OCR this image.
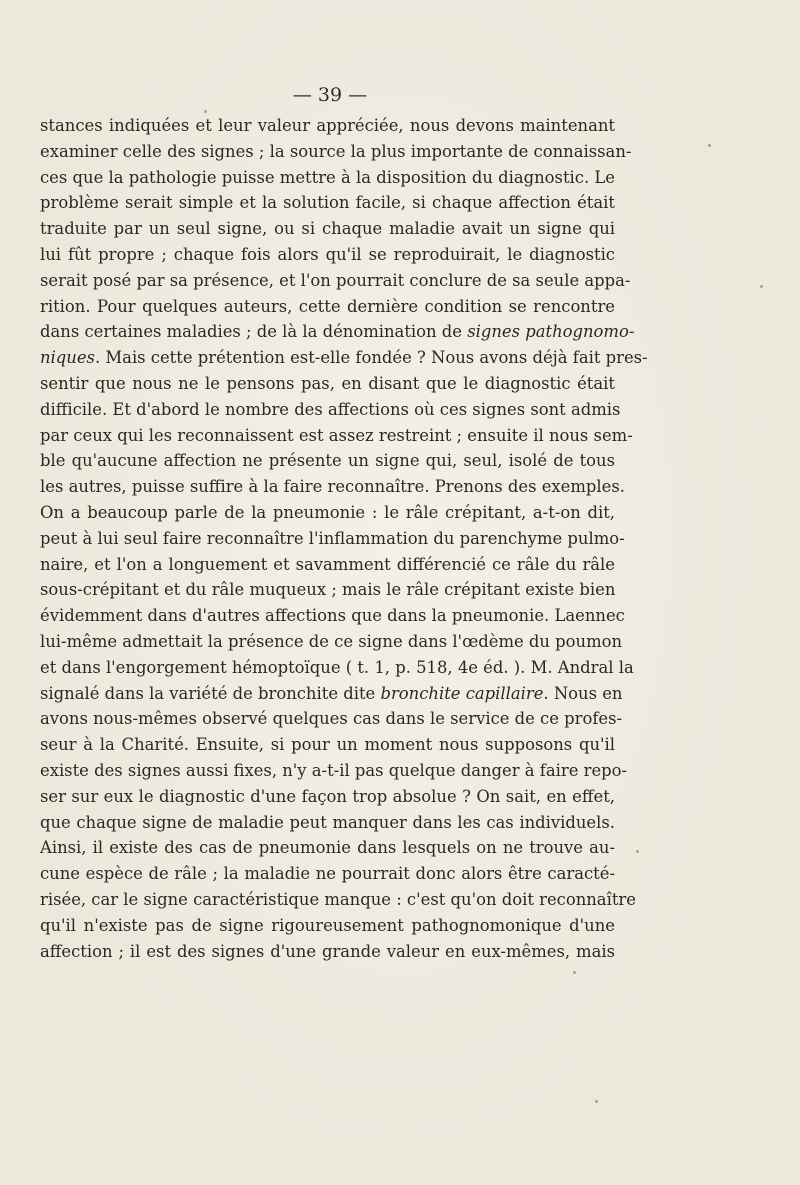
— 39 —
stances indiquées et leur valeur appréciée, nous devons maintenant
examiner celle des signes ; la source la plus importante de connaissan-
ces que la pathologie puisse mettre à la disposition du diagnostic. Le
problème serait simple et la solution facile, si chaque affection était
traduite par un seul signe, ou si chaque maladie avait un signe qui
lui fût propre ; chaque fois alors qu'il se reproduirait, le diagnostic
serait posé par sa présence, et l'on pourrait conclure de sa seule appa-
rition. Pour quelques auteurs, cette dernière condition se rencontre
dans certaines maladies ; de là la dénomination de signes pathognomo-
niques. Mais cette prétention est-elle fondée ? Nous avons déjà fait pres-
sentir que nous ne le pensons pas, en disant que le diagnostic était
difficile. Et d'abord le nombre des affections où ces signes sont admis
par ceux qui les reconnaissent est assez restreint ; ensuite il nous sem-
ble qu'aucune affection ne présente un signe qui, seul, isolé de tous
les autres, puisse suffire à la faire reconnaître. Prenons des exemples.
On a beaucoup parle de la pneumonie : le râle crépitant, a-t-on dit,
peut à lui seul faire reconnaître l'inflammation du parenchyme pulmo-
naire, et l'on a longuement et savamment différencié ce râle du râle
sous-crépitant et du râle muqueux ; mais le râle crépitant existe bien
évidemment dans d'autres affections que dans la pneumonie. Laennec
lui-même admettait la présence de ce signe dans l'œdème du poumon
et dans l'engorgement hémoptoïque ( t. 1, p. 518, 4e éd. ). M. Andral la
signalé dans la variété de bronchite dite bronchite capillaire. Nous en
avons nous-mêmes observé quelques cas dans le service de ce profes-
seur à la Charité. Ensuite, si pour un moment nous supposons qu'il
existe des signes aussi fixes, n'y a-t-il pas quelque danger à faire repo-
ser sur eux le diagnostic d'une façon trop absolue ? On sait, en effet,
que chaque signe de maladie peut manquer dans les cas individuels.
Ainsi, il existe des cas de pneumonie dans lesquels on ne trouve au-
cune espèce de râle ; la maladie ne pourrait donc alors être caracté-
risée, car le signe caractéristique manque : c'est qu'on doit reconnaître
qu'il n'existe pas de signe rigoureusement pathognomonique d'une
affection ; il est des signes d'une grande valeur en eux-mêmes, mais
